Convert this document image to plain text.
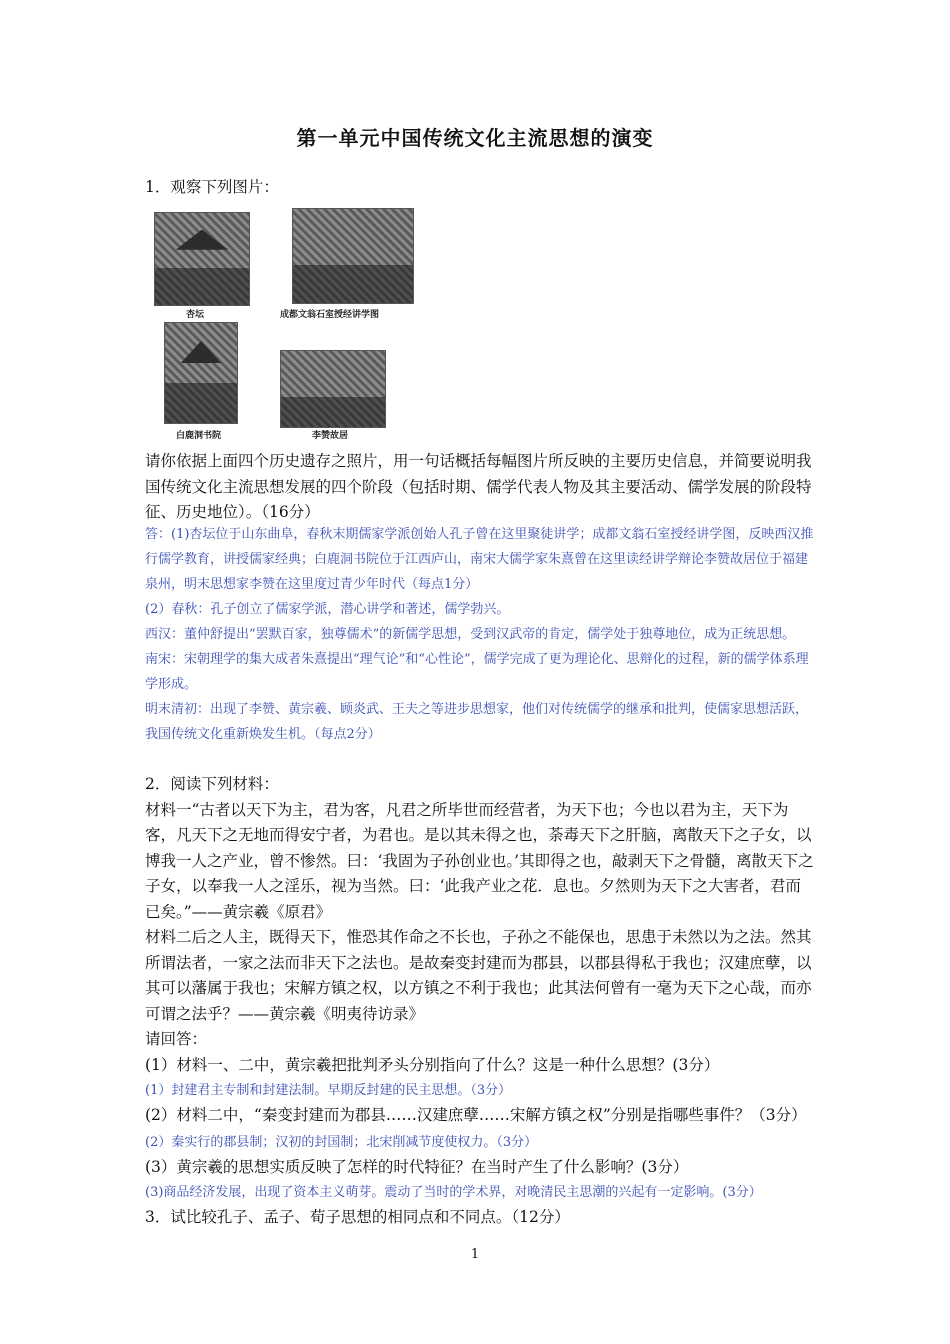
第一单元中国传统文化主流思想的演变
1．观察下列图片：
杏坛	成都文翁石室授经讲学图
白鹿洞书院	李赞故居
请你依据上面四个历史遗存之照片，用一句话概括每幅图片所反映的主要历史信息，并简要说明我国传统文化主流思想发展的四个阶段（包括时期、儒学代表人物及其主要活动、儒学发展的阶段特征、历史地位）。（16分）

答：(1)杏坛位于山东曲阜，春秋末期儒家学派创始人孔子曾在这里聚徒讲学；成都文翁石室授经讲学图，反映西汉推行儒学教育，讲授儒家经典；白鹿洞书院位于江西庐山，南宋大儒学家朱熹曾在这里读经讲学辩论李赞故居位于福建泉州，明末思想家李赞在这里度过青少年时代（每点1分）

(2）春秋：孔子创立了儒家学派，潜心讲学和著述，儒学勃兴。

西汉：董仲舒提出“罢默百家，独尊儒术”的新儒学思想，受到汉武帝的肯定，儒学处于独尊地位，成为正统思想。

南宋：宋朝理学的集大成者朱熹提出“理气论”和“心性论”，儒学完成了更为理论化、思辩化的过程，新的儒学体系理学形成。

明末清初：出现了李赞、黄宗羲、顾炎武、王夫之等进步思想家，他们对传统儒学的继承和批判，使儒家思想活跃，我国传统文化重新焕发生机。（每点2分）

2．阅读下列材料：

材料一“古者以天下为主，君为客，凡君之所毕世而经营者，为天下也；今也以君为主，天下为客，凡天下之无地而得安宁者，为君也。是以其未得之也，荼毒天下之肝脑，离散天下之子女，以博我一人之产业，曾不惨然。曰：‘我固为子孙创业也。’其即得之也，敲剥天下之骨髓，离散天下之子女，以奉我一人之淫乐，视为当然。曰：‘此我产业之花．息也。夕然则为天下之大害者，君而已矣。”——黄宗羲《原君》

材料二后之人主，既得天下，惟恐其作命之不长也，子孙之不能保也，思患于未然以为之法。然其所谓法者，一家之法而非天下之法也。是故秦变封建而为郡县，以郡县得私于我也；汉建庶孽，以其可以藩属于我也；宋解方镇之权，以方镇之不利于我也；此其法何曾有一毫为天下之心哉，而亦可谓之法乎？——黄宗羲《明夷待访录》

请回答：

(1）材料一、二中，黄宗羲把批判矛头分别指向了什么？这是一种什么思想？(3分）

(1）封建君主专制和封建法制。早期反封建的民主思想。（3分）

(2）材料二中，“秦变封建而为郡县……汉建庶孽……宋解方镇之权”分别是指哪些事件？（3分）(2）秦实行的郡县制；汉初的封国制；北宋削减节度使权力。（3分）

(3）黄宗羲的思想实质反映了怎样的时代特征？在当时产生了什么影响？(3分）

(3)商品经济发展，出现了资本主义萌芽。震动了当时的学术界，对晚清民主思潮的兴起有一定影响。(3分）

3．试比较孔子、孟子、荀子思想的相同点和不同点。（12分）

1
